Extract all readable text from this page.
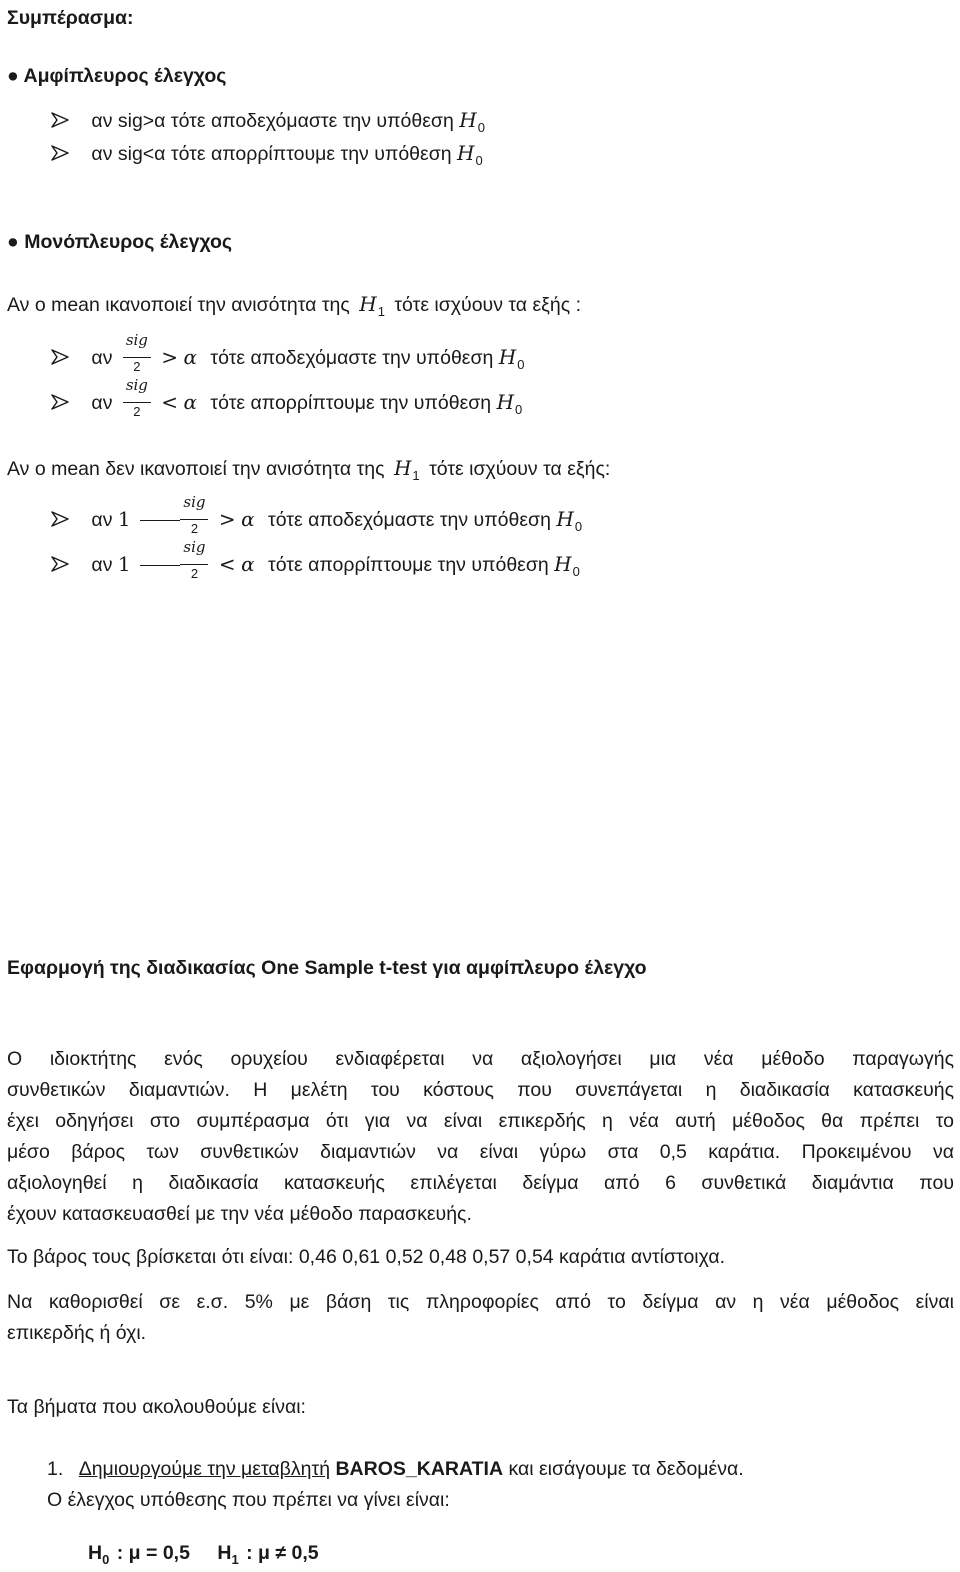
Συμπέρασμα:
● Αμφίπλευρος έλεγχος
αν sig>α τότε αποδεχόμαστε την υπόθεση $H_0$
αν sig<α τότε απορρίπτουμε την υπόθεση $H_0$
● Μονόπλευρος έλεγχος
Αν ο mean ικανοποιεί την ανισότητα της $H_1$ τότε ισχύουν τα εξής :
αν $\frac{\text{sig}}{2} > \alpha$ τότε αποδεχόμαστε την υπόθεση $H_0$
αν $\frac{\text{sig}}{2} < \alpha$ τότε απορρίπτουμε την υπόθεση $H_0$
Αν ο mean δεν ικανοποιεί την ανισότητα της $H_1$ τότε ισχύουν τα εξής:
αν 1	$\frac{\text{sig}}{2} > \alpha$ τότε αποδεχόμαστε την υπόθεση $H_0$
αν 1	$\frac{\text{sig}}{2} < \alpha$ τότε απορρίπτουμε την υπόθεση $H_0$
Εφαρμογή της διαδικασίας One Sample t-test για αμφίπλευρο έλεγχο
Ο ιδιοκτήτης ενός ορυχείου ενδιαφέρεται να αξιολογήσει μια νέα μέθοδο παραγωγής
συνθετικών διαμαντιών. Η μελέτη του κόστους που συνεπάγεται η διαδικασία κατασκευής
έχει οδηγήσει στο συμπέρασμα ότι για να είναι επικερδής η νέα αυτή μέθοδος θα πρέπει το
μέσο βάρος των συνθετικών διαμαντιών να είναι γύρω στα 0,5 καράτια. Προκειμένου να
αξιολογηθεί η διαδικασία κατασκευής επιλέγεται δείγμα από 6 συνθετικά διαμάντια που
έχουν κατασκευασθεί με την νέα μέθοδο παρασκευής.
Το βάρος τους βρίσκεται ότι είναι: 0,46 0,61 0,52 0,48 0,57 0,54 καράτια αντίστοιχα.
Να καθορισθεί σε ε.σ. 5% με βάση τις πληροφορίες από το δείγμα αν η νέα μέθοδος είναι
επικερδής ή όχι.
Τα βήματα που ακολουθούμε είναι:
1. Δημιουργούμε την μεταβλητή BAROS_KARATIA και εισάγουμε τα δεδομένα.
Ο έλεγχος υπόθεσης που πρέπει να γίνει είναι:
$H_0$ : μ = 0,5 $H_1$ : μ ≠ 0,5
